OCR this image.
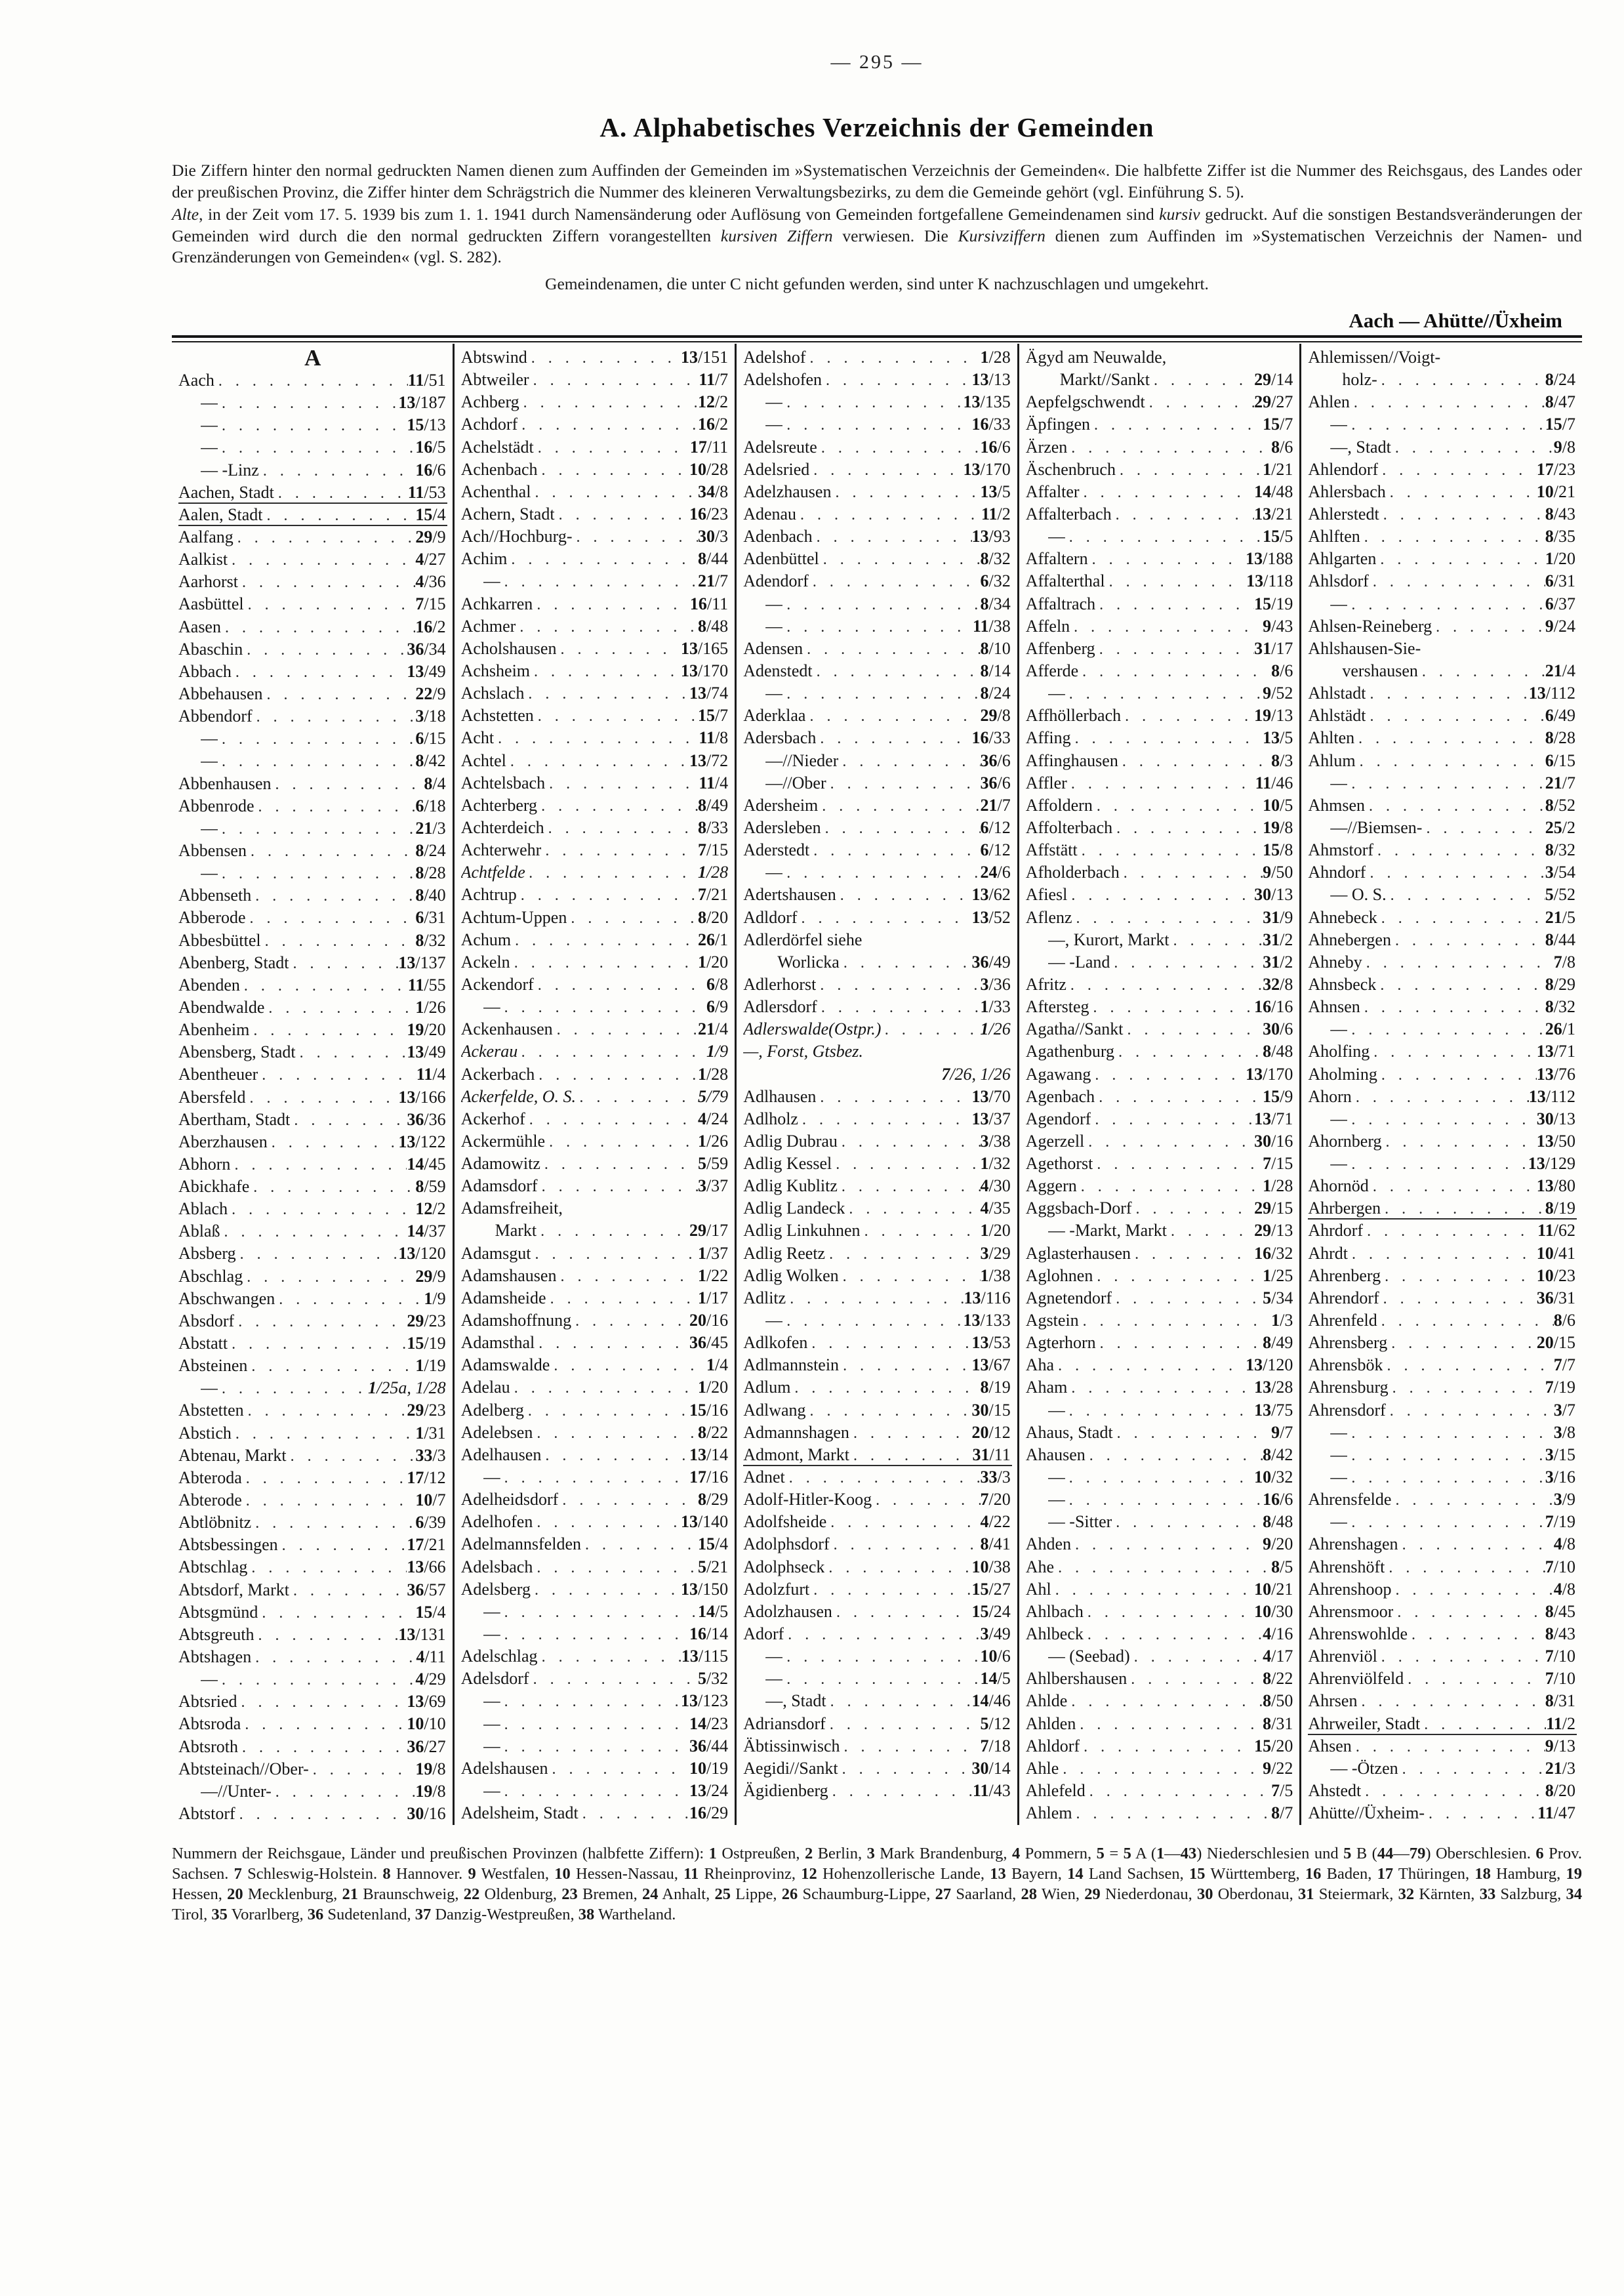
— 295 —
A. Alphabetisches Verzeichnis der Gemeinden

Die Ziffern hinter den normal gedruckten Namen dienen zum Auffinden der Gemeinden im »Systematischen Verzeichnis der Gemeinden«. Die halbfette Ziffer ist die Nummer des Reichsgaus, des Landes oder der preußischen Provinz, die Ziffer hinter dem Schrägstrich die Nummer des kleineren Verwaltungsbezirks, zu dem die Gemeinde gehört (vgl. Einführung S. 5).

Alte, in der Zeit vom 17. 5. 1939 bis zum 1. 1. 1941 durch Namensänderung oder Auflösung von Gemeinden fortgefallene Gemeindenamen sind kursiv gedruckt. Auf die sonstigen Bestandsveränderungen der Gemeinden wird durch die den normal gedruckten Ziffern vorangestellten kursiven Ziffern verwiesen. Die Kursivziffern dienen zum Auffinden im »Systematischen Verzeichnis der Namen- und Grenzänderungen von Gemeinden« (vgl. S. 282).

Gemeindenamen, die unter C nicht gefunden werden, sind unter K nachzuschlagen und umgekehrt.

Aach — Ahütte//Üxheim
A
Aach . . .	11/51
— . . .	13/187
— . . .	15/13
— . . .	16/5
— -Linz . . .	16/6
Aachen, Stadt . . .	11/53
Aalen, Stadt . . .	15/4
Aalfang . . .	29/9
Aalkist . . .	4/27
Aarhorst . . .	4/36
Aasbüttel . . .	7/15
Aasen . . .	16/2
Abaschin . . .	36/34
Abbach . . .	13/49
Abbehausen . . .	22/9
Abbendorf . . .	3/18
— . . .	6/15
— . . .	8/42
Abbenhausen . . .	8/4
Abbenrode . . .	6/18
— . . .	21/3
Abbensen . . .	8/24
— . . .	8/28
Abbenseth . . .	8/40
Abberode . . .	6/31
Abbesbüttel . . .	8/32
Abenberg, Stadt . . .	13/137
Abenden . . .	11/55
Abendwalde . . .	1/26
Abenheim . . .	19/20
Abensberg, Stadt . . .	13/49
Abentheuer . . .	11/4
Abersfeld . . .	13/166
Abertham, Stadt . . .	36/36
Aberzhausen . . .	13/122
Abhorn . . .	14/45
Abickhafe . . .	8/59
Ablach . . .	12/2
Ablaß . . .	14/37
Absberg . . .	13/120
Abschlag . . .	29/9
Abschwangen . . .	1/9
Absdorf . . .	29/23
Abstatt . . .	15/19
Absteinen . . .	1/19
— . . .	1/25a, 1/28
Abstetten . . .	29/23
Abstich . . .	1/31
Abtenau, Markt . . .	33/3
Abteroda . . .	17/12
Abterode . . .	10/7
Abtlöbnitz . . .	6/39
Abtsbessingen . . .	17/21
Abtschlag . . .	13/66
Abtsdorf, Markt . . .	36/57
Abtsgmünd . . .	15/4
Abtsgreuth . . .	13/131
Abtshagen . . .	4/11
— . . .	4/29
Abtsried . . .	13/69
Abtsroda . . .	10/10
Abtsroth . . .	36/27
Abtsteinach//Ober- . . .	19/8
—//Unter- . . .	19/8
Abtstorf . . .	30/16
Abtswind . . .	13/151
Abtweiler . . .	11/7
Achberg . . .	12/2
Achdorf . . .	16/2
Achelstädt . . .	17/11
Achenbach . . .	10/28
Achenthal . . .	34/8
Achern, Stadt . . .	16/23
Ach//Hochburg- . . .	30/3
Achim . . .	8/44
— . . .	21/7
Achkarren . . .	16/11
Achmer . . .	8/48
Acholshausen . . .	13/165
Achsheim . . .	13/170
Achslach . . .	13/74
Achstetten . . .	15/7
Acht . . .	11/8
Achtel . . .	13/72
Achtelsbach . . .	11/4
Achterberg . . .	8/49
Achterdeich . . .	8/33
Achterwehr . . .	7/15
Achtfelde . . .	1/28
Achtrup . . .	7/21
Achtum-Uppen . . .	8/20
Achum . . .	26/1
Ackeln . . .	1/20
Ackendorf . . .	6/8
— . . .	6/9
Ackenhausen . . .	21/4
Ackerau . . .	1/9
Ackerbach . . .	1/28
Ackerfelde, O. S. . . .	5/79
Ackerhof . . .	4/24
Ackermühle . . .	1/26
Adamowitz . . .	5/59
Adamsdorf . . .	3/37
Adamsfreiheit,
Markt . . .	29/17
Adamsgut . . .	1/37
Adamshausen . . .	1/22
Adamsheide . . .	1/17
Adamshoffnung . . .	20/16
Adamsthal . . .	36/45
Adamswalde . . .	1/4
Adelau . . .	1/20
Adelberg . . .	15/16
Adelebsen . . .	8/22
Adelhausen . . .	13/14
— . . .	17/16
Adelheidsdorf . . .	8/29
Adelhofen . . .	13/140
Adelmannsfelden . . .	15/4
Adelsbach . . .	5/21
Adelsberg . . .	13/150
— . . .	14/5
— . . .	16/14
Adelschlag . . .	13/115
Adelsdorf . . .	5/32
— . . .	13/123
— . . .	14/23
— . . .	36/44
Adelshausen . . .	10/19
— . . .	13/24
Adelsheim, Stadt . . .	16/29
Adelshof . . .	1/28
Adelshofen . . .	13/13
— . . .	13/135
— . . .	16/33
Adelsreute . . .	16/6
Adelsried . . .	13/170
Adelzhausen . . .	13/5
Adenau . . .	11/2
Adenbach . . .	13/93
Adenbüttel . . .	8/32
Adendorf . . .	6/32
— . . .	8/34
— . . .	11/38
Adensen . . .	8/10
Adenstedt . . .	8/14
— . . .	8/24
Aderklaa . . .	29/8
Adersbach . . .	16/33
—//Nieder . . .	36/6
—//Ober . . .	36/6
Adersheim . . .	21/7
Adersleben . . .	6/12
Aderstedt . . .	6/12
— . . .	24/6
Adertshausen . . .	13/62
Adldorf . . .	13/52
Adlerdörfel siehe
Worlicka . . .	36/49
Adlerhorst . . .	3/36
Adlersdorf . . .	1/33
Adlerswalde(Ostpr.) . . .	1/26
—, Forst, Gtsbez.
7/26, 1/26
Adlhausen . . .	13/70
Adlholz . . .	13/37
Adlig Dubrau . . .	3/38
Adlig Kessel . . .	1/32
Adlig Kublitz . . .	4/30
Adlig Landeck . . .	4/35
Adlig Linkuhnen . . .	1/20
Adlig Reetz . . .	3/29
Adlig Wolken . . .	1/38
Adlitz . . .	13/116
— . . .	13/133
Adlkofen . . .	13/53
Adlmannstein . . .	13/67
Adlum . . .	8/19
Adlwang . . .	30/15
Admannshagen . . .	20/12
Admont, Markt . . .	31/11
Adnet . . .	33/3
Adolf-Hitler-Koog . . .	7/20
Adolfsheide . . .	4/22
Adolphsdorf . . .	8/41
Adolphseck . . .	10/38
Adolzfurt . . .	15/27
Adolzhausen . . .	15/24
Adorf . . .	3/49
— . . .	10/6
— . . .	14/5
—, Stadt . . .	14/46
Adriansdorf . . .	5/12
Äbtissinwisch . . .	7/18
Aegidi//Sankt . . .	30/14
Ägidienberg . . .	11/43
Ägyd am Neuwalde,
Markt//Sankt . . .	29/14
Aepfelgschwendt . . .	29/27
Äpfingen . . .	15/7
Ärzen . . .	8/6
Äschenbruch . . .	1/21
Affalter . . .	14/48
Affalterbach . . .	13/21
— . . .	15/5
Affaltern . . .	13/188
Affalterthal . . .	13/118
Affaltrach . . .	15/19
Affeln . . .	9/43
Affenberg . . .	31/17
Afferde . . .	8/6
— . . .	9/52
Affhöllerbach . . .	19/13
Affing . . .	13/5
Affinghausen . . .	8/3
Affler . . .	11/46
Affoldern . . .	10/5
Affolterbach . . .	19/8
Affstätt . . .	15/8
Afholderbach . . .	9/50
Afiesl . . .	30/13
Aflenz . . .	31/9
—, Kurort, Markt . . .	31/2
— -Land . . .	31/2
Afritz . . .	32/8
Aftersteg . . .	16/16
Agatha//Sankt . . .	30/6
Agathenburg . . .	8/48
Agawang . . .	13/170
Agenbach . . .	15/9
Agendorf . . .	13/71
Agerzell . . .	30/16
Agethorst . . .	7/15
Aggern . . .	1/28
Aggsbach-Dorf . . .	29/15
— -Markt, Markt . . .	29/13
Aglasterhausen . . .	16/32
Aglohnen . . .	1/25
Agnetendorf . . .	5/34
Agstein . . .	1/3
Agterhorn . . .	8/49
Aha . . .	13/120
Aham . . .	13/28
— . . .	13/75
Ahaus, Stadt . . .	9/7
Ahausen . . .	8/42
— . . .	10/32
— . . .	16/6
— -Sitter . . .	8/48
Ahden . . .	9/20
Ahe . . .	8/5
Ahl . . .	10/21
Ahlbach . . .	10/30
Ahlbeck . . .	4/16
— (Seebad) . . .	4/17
Ahlbershausen . . .	8/22
Ahlde . . .	8/50
Ahlden . . .	8/31
Ahldorf . . .	15/20
Ahle . . .	9/22
Ahlefeld . . .	7/5
Ahlem . . .	8/7
Ahlemissen//Voigt-
holz- . . .	8/24
Ahlen . . .	8/47
— . . .	15/7
—, Stadt . . .	9/8
Ahlendorf . . .	17/23
Ahlersbach . . .	10/21
Ahlerstedt . . .	8/43
Ahlften . . .	8/35
Ahlgarten . . .	1/20
Ahlsdorf . . .	6/31
— . . .	6/37
Ahlsen-Reineberg . . .	9/24
Ahlshausen-Sie-
vershausen . . .	21/4
Ahlstadt . . .	13/112
Ahlstädt . . .	6/49
Ahlten . . .	8/28
Ahlum . . .	6/15
— . . .	21/7
Ahmsen . . .	8/52
—//Biemsen- . . .	25/2
Ahmstorf . . .	8/32
Ahndorf . . .	3/54
— O. S. . . .	5/52
Ahnebeck . . .	21/5
Ahnebergen . . .	8/44
Ahneby . . .	7/8
Ahnsbeck . . .	8/29
Ahnsen . . .	8/32
— . . .	26/1
Aholfing . . .	13/71
Aholming . . .	13/76
Ahorn . . .	13/112
— . . .	30/13
Ahornberg . . .	13/50
— . . .	13/129
Ahornöd . . .	13/80
Ahrbergen . . .	8/19
Ahrdorf . . .	11/62
Ahrdt . . .	10/41
Ahrenberg . . .	10/23
Ahrendorf . . .	36/31
Ahrenfeld . . .	8/6
Ahrensberg . . .	20/15
Ahrensbök . . .	7/7
Ahrensburg . . .	7/19
Ahrensdorf . . .	3/7
— . . .	3/8
— . . .	3/15
— . . .	3/16
Ahrensfelde . . .	3/9
— . . .	7/19
Ahrenshagen . . .	4/8
Ahrenshöft . . .	7/10
Ahrenshoop . . .	4/8
Ahrensmoor . . .	8/45
Ahrenswohlde . . .	8/43
Ahrenviöl . . .	7/10
Ahrenviölfeld . . .	7/10
Ahrsen . . .	8/31
Ahrweiler, Stadt . . .	11/2
Ahsen . . .	9/13
— -Ötzen . . .	21/3
Ahstedt . . .	8/20
Ahütte//Üxheim- . . .	11/47
Nummern der Reichsgaue, Länder und preußischen Provinzen (halbfette Ziffern): 1 Ostpreußen, 2 Berlin, 3 Mark Brandenburg, 4 Pommern, 5 = 5 A (1—43) Niederschlesien und 5 B (44—79) Oberschlesien. 6 Prov. Sachsen. 7 Schleswig-Holstein. 8 Hannover. 9 Westfalen, 10 Hessen-Nassau, 11 Rheinprovinz, 12 Hohenzollerische Lande, 13 Bayern, 14 Land Sachsen, 15 Württemberg, 16 Baden, 17 Thüringen, 18 Hamburg, 19 Hessen, 20 Mecklenburg, 21 Braunschweig, 22 Oldenburg, 23 Bremen, 24 Anhalt, 25 Lippe, 26 Schaumburg-Lippe, 27 Saarland, 28 Wien, 29 Niederdonau, 30 Oberdonau, 31 Steiermark, 32 Kärnten, 33 Salzburg, 34 Tirol, 35 Vorarlberg, 36 Sudetenland, 37 Danzig-Westpreußen, 38 Wartheland.
